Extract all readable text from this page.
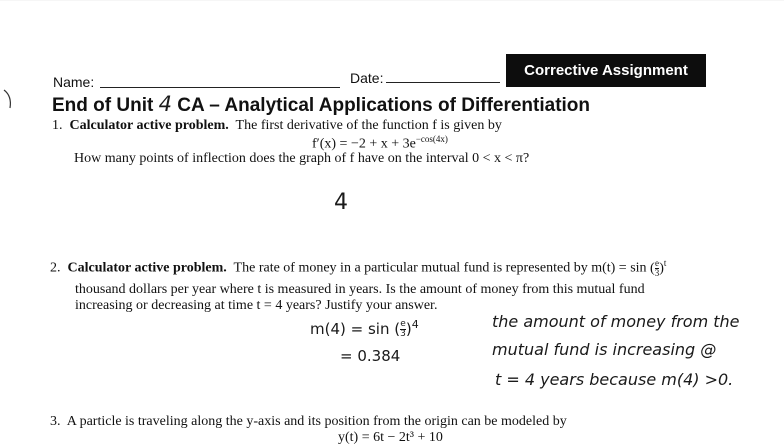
Name:	Date:	Corrective Assignment
End of Unit 4 CA – Analytical Applications of Differentiation
1. Calculator active problem. The first derivative of the function f is given by
$f'(x) = -2 + x + 3e^{-cos(4x)}$
How many points of inflection does the graph of f have on the interval 0 < x < π?
4
2. Calculator active problem. The rate of money in a particular mutual fund is represented by m(t) = sin ( $\frac{e}{3} )^t$
thousand dollars per year where t is measured in years. Is the amount of money from this mutual fund
increasing or decreasing at time t = 4 years? Justify your answer.
m(4) = sin ( $\frac{e}{3} )^4$
= 0.384
the amount of money from the
mutual fund is increasing @
t = 4 years because m(4) >0.
3. A particle is traveling along the y-axis and its position from the origin can be modeled by
y(t) = 6t − 2t³ + 10
